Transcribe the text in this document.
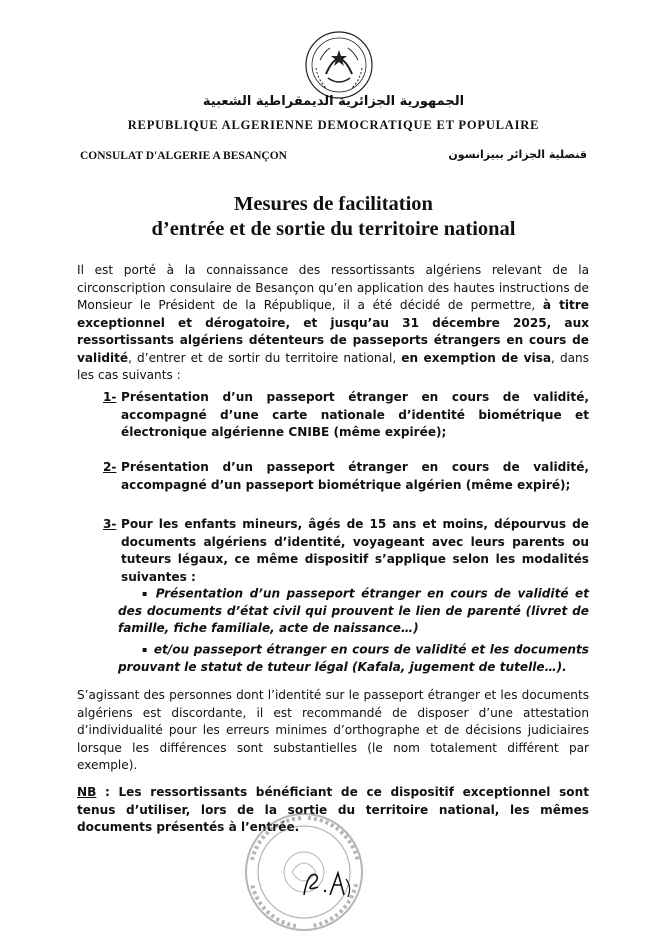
الجمهورية الجزائرية الديمقراطية الشعبية
REPUBLIQUE ALGERIENNE DEMOCRATIQUE ET POPULAIRE
CONSULAT D'ALGERIE A BESANÇON	قنصلية الجزائر ببيزانسون
Mesures de facilitation
d’entrée et de sortie du territoire national
Il est porté à la connaissance des ressortissants algériens relevant de la circonscription consulaire de Besançon qu’en application des hautes instructions de Monsieur le Président de la République, il a été décidé de permettre, à titre exceptionnel et dérogatoire, et jusqu’au 31 décembre 2025, aux ressortissants algériens détenteurs de passeports étrangers en cours de validité, d’entrer et de sortir du territoire national, en exemption de visa, dans les cas suivants :
1- Présentation d’un passeport étranger en cours de validité, accompagné d’une carte nationale d’identité biométrique et électronique algérienne CNIBE (même expirée);
2- Présentation d’un passeport étranger en cours de validité, accompagné d’un passeport biométrique algérien (même expiré);
3- Pour les enfants mineurs, âgés de 15 ans et moins, dépourvus de documents algériens d’identité, voyageant avec leurs parents ou tuteurs légaux, ce même dispositif s’applique selon les modalités suivantes :
▪ Présentation d’un passeport étranger en cours de validité et des documents d’état civil qui prouvent le lien de parenté (livret de famille, fiche familiale, acte de naissance…)
▪ et/ou passeport étranger en cours de validité et les documents prouvant le statut de tuteur légal (Kafala, jugement de tutelle…).
S’agissant des personnes dont l’identité sur le passeport étranger et les documents algériens est discordante, il est recommandé de disposer d’une attestation d’individualité pour les erreurs minimes d’orthographe et de décisions judiciaires lorsque les différences sont substantielles (le nom totalement différent par exemple).
NB : Les ressortissants bénéficiant de ce dispositif exceptionnel sont tenus d’utiliser, lors de la sortie du territoire national, les mêmes documents présentés à l’entrée.
